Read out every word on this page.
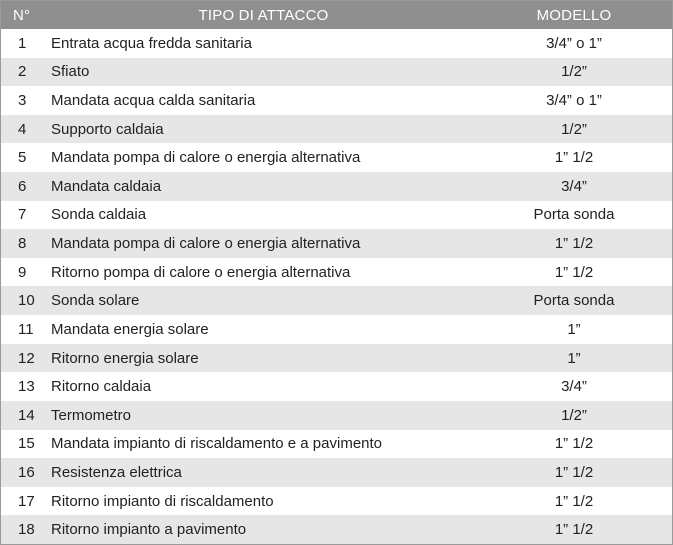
N°	TIPO DI ATTACCO	MODELLO
1	Entrata acqua fredda sanitaria	3/4” o 1”
2	Sfiato	1/2”
3	Mandata acqua calda sanitaria	3/4” o 1”
4	Supporto caldaia	1/2”
5	Mandata pompa di calore o energia alternativa	1” 1/2
6	Mandata caldaia	3/4”
7	Sonda caldaia	Porta sonda
8	Mandata pompa di calore o energia alternativa	1” 1/2
9	Ritorno pompa di calore o energia alternativa	1” 1/2
10	Sonda solare	Porta sonda
11	Mandata energia solare	1”
12	Ritorno energia solare	1”
13	Ritorno caldaia	3/4”
14	Termometro	1/2”
15	Mandata impianto di riscaldamento e a pavimento	1” 1/2
16	Resistenza elettrica	1” 1/2
17	Ritorno impianto di riscaldamento	1” 1/2
18	Ritorno impianto a pavimento	1” 1/2
